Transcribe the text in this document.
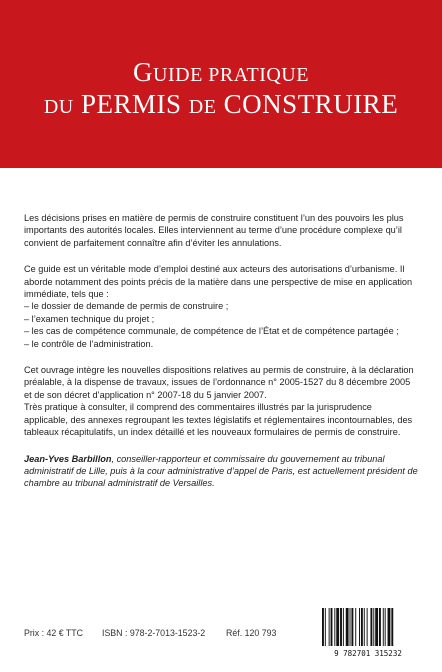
GUIDE PRATIQUE
DU PERMIS DE CONSTRUIRE

Les décisions prises en matière de permis de construire constituent l’un des pouvoirs les plus importants des autorités locales. Elles interviennent au terme d’une procédure complexe qu’il convient de parfaitement connaître afin d’éviter les annulations.

Ce guide est un véritable mode d’emploi destiné aux acteurs des autorisations d’urbanisme. Il aborde notamment des points précis de la matière dans une perspective de mise en application immédiate, tels que :

– le dossier de demande de permis de construire ;

– l’examen technique du projet ;

– les cas de compétence communale, de compétence de l’État et de compétence partagée ;

– le contrôle de l’administration.

Cet ouvrage intègre les nouvelles dispositions relatives au permis de construire, à la déclaration préalable, à la dispense de travaux, issues de l’ordonnance n° 2005-1527 du 8 décembre 2005 et de son décret d’application n° 2007-18 du 5 janvier 2007.

Très pratique à consulter, il comprend des commentaires illustrés par la jurisprudence applicable, des annexes regroupant les textes législatifs et réglementaires incontournables, des tableaux récapitulatifs, un index détaillé et les nouveaux formulaires de permis de construire.

Jean-Yves Barbillon, conseiller-rapporteur et commissaire du gouvernement au tribunal administratif de Lille, puis à la cour administrative d’appel de Paris, est actuellement président de chambre au tribunal administratif de Versailles.

Prix : 42 € TTC ISBN : 978-2-7013-1523-2 Réf. 120 793
9 782701 315232
